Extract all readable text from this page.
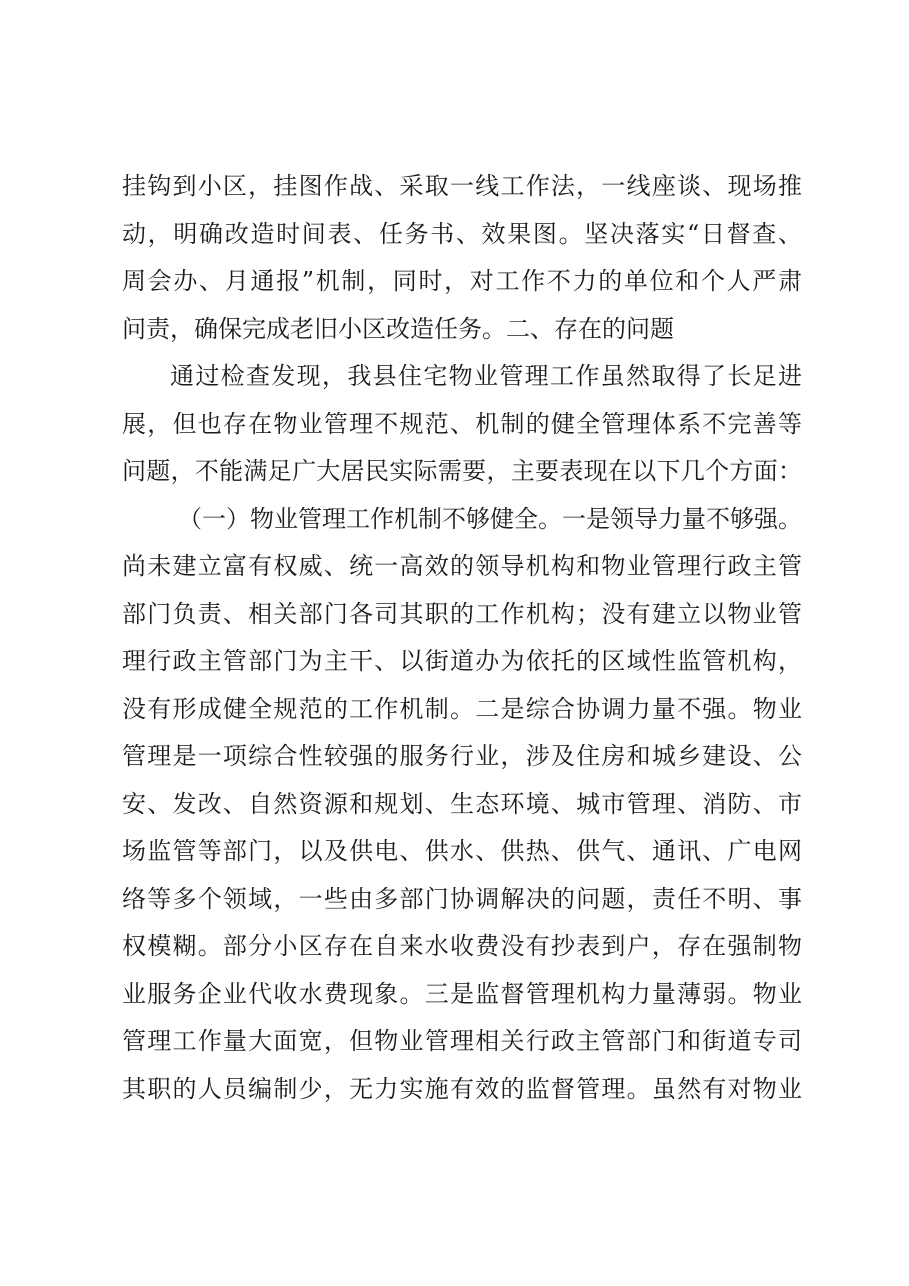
挂钩到小区，挂图作战、采取一线工作法，一线座谈、现场推
动，明确改造时间表、任务书、效果图。坚决落实“日督查、
周会办、月通报”机制，同时，对工作不力的单位和个人严肃
问责，确保完成老旧小区改造任务。二、存在的问题
通过检查发现，我县住宅物业管理工作虽然取得了长足进
展，但也存在物业管理不规范、机制的健全管理体系不完善等
问题，不能满足广大居民实际需要，主要表现在以下几个方面：
（一）物业管理工作机制不够健全。一是领导力量不够强。
尚未建立富有权威、统一高效的领导机构和物业管理行政主管
部门负责、相关部门各司其职的工作机构；没有建立以物业管
理行政主管部门为主干、以街道办为依托的区域性监管机构，
没有形成健全规范的工作机制。二是综合协调力量不强。物业
管理是一项综合性较强的服务行业，涉及住房和城乡建设、公
安、发改、自然资源和规划、生态环境、城市管理、消防、市
场监管等部门，以及供电、供水、供热、供气、通讯、广电网
络等多个领域，一些由多部门协调解决的问题，责任不明、事
权模糊。部分小区存在自来水收费没有抄表到户，存在强制物
业服务企业代收水费现象。三是监督管理机构力量薄弱。物业
管理工作量大面宽，但物业管理相关行政主管部门和街道专司
其职的人员编制少，无力实施有效的监督管理。虽然有对物业
